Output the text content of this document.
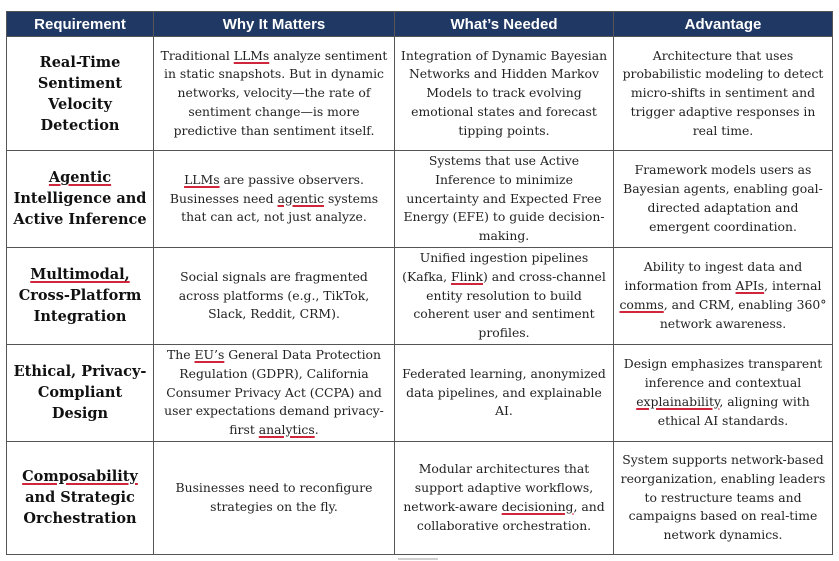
Requirement	Why It Matters	What’s Needed	Advantage
Real-Time Sentiment Velocity Detection	Traditional LLMs analyze sentiment in static snapshots. But in dynamic networks, velocity—the rate of sentiment change—is more predictive than sentiment itself.	Integration of Dynamic Bayesian Networks and Hidden Markov Models to track evolving emotional states and forecast tipping points.	Architecture that uses probabilistic modeling to detect micro-shifts in sentiment and trigger adaptive responses in real time.
Agentic Intelligence and Active Inference	LLMs are passive observers. Businesses need agentic systems that can act, not just analyze.	Systems that use Active Inference to minimize uncertainty and Expected Free Energy (EFE) to guide decision-making.	Framework models users as Bayesian agents, enabling goal-directed adaptation and emergent coordination.
Multimodal, Cross-Platform Integration	Social signals are fragmented across platforms (e.g., TikTok, Slack, Reddit, CRM).	Unified ingestion pipelines (Kafka, Flink) and cross-channel entity resolution to build coherent user and sentiment profiles.	Ability to ingest data and information from APIs, internal comms, and CRM, enabling 360° network awareness.
Ethical, Privacy-Compliant Design	The EU’s General Data Protection Regulation (GDPR), California Consumer Privacy Act (CCPA) and user expectations demand privacy-first analytics.	Federated learning, anonymized data pipelines, and explainable AI.	Design emphasizes transparent inference and contextual explainability, aligning with ethical AI standards.
Composability and Strategic Orchestration	Businesses need to reconfigure strategies on the fly.	Modular architectures that support adaptive workflows, network-aware decisioning, and collaborative orchestration.	System supports network-based reorganization, enabling leaders to restructure teams and campaigns based on real-time network dynamics.
